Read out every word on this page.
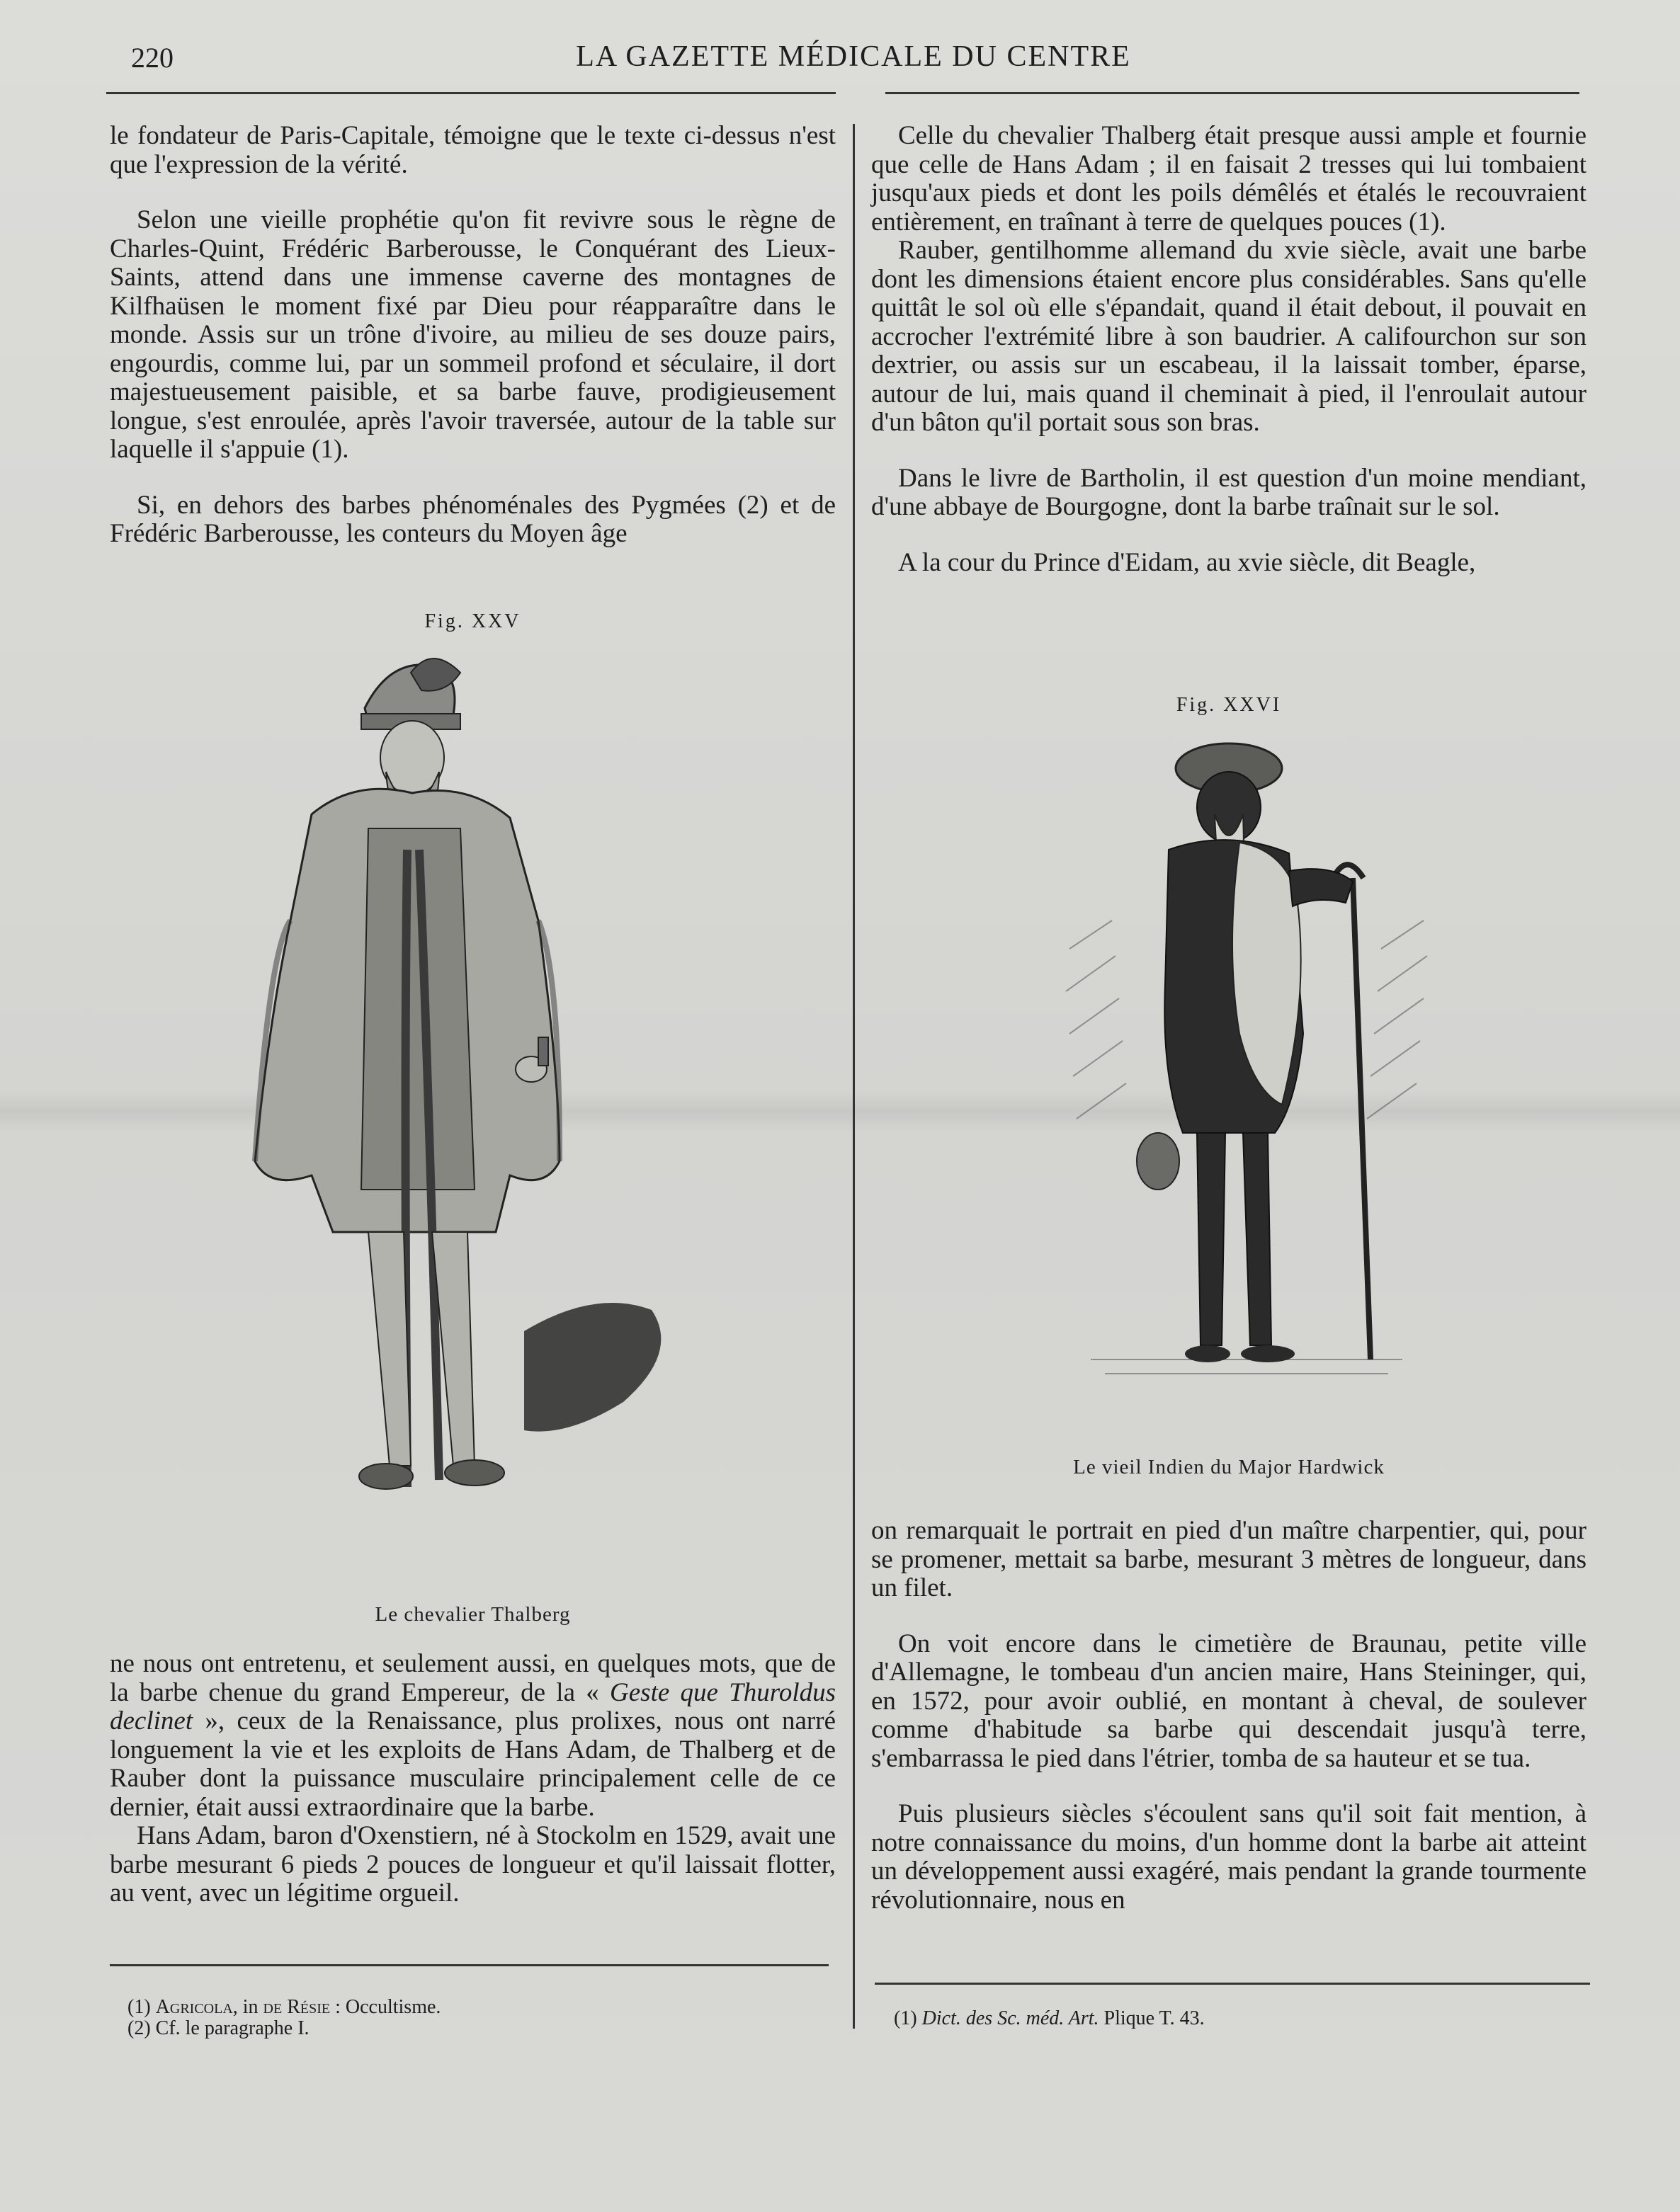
220	LA GAZETTE MÉDICALE DU CENTRE

le fondateur de Paris-Capitale, témoigne que le texte ci-dessus n'est que l'expression de la vérité.

Selon une vieille prophétie qu'on fit revivre sous le règne de Charles-Quint, Frédéric Barberousse, le Conquérant des Lieux-Saints, attend dans une immense caverne des montagnes de Kilfhaüsen le moment fixé par Dieu pour réapparaître dans le monde. Assis sur un trône d'ivoire, au milieu de ses douze pairs, engourdis, comme lui, par un sommeil profond et séculaire, il dort majestueusement paisible, et sa barbe fauve, prodigieusement longue, s'est enroulée, après l'avoir traversée, autour de la table sur laquelle il s'appuie (1).

Si, en dehors des barbes phénoménales des Pygmées (2) et de Frédéric Barberousse, les conteurs du Moyen âge

Fig. XXV
Le chevalier Thalberg

ne nous ont entretenu, et seulement aussi, en quelques mots, que de la barbe chenue du grand Empereur, de la « Geste que Thuroldus declinet », ceux de la Renaissance, plus prolixes, nous ont narré longuement la vie et les exploits de Hans Adam, de Thalberg et de Rauber dont la puissance musculaire principalement celle de ce dernier, était aussi extraordinaire que la barbe.

Hans Adam, baron d'Oxenstiern, né à Stockolm en 1529, avait une barbe mesurant 6 pieds 2 pouces de longueur et qu'il laissait flotter, au vent, avec un légitime orgueil.

(1) Agricola, in de Résie : Occultisme.
(2) Cf. le paragraphe I.

Celle du chevalier Thalberg était presque aussi ample et fournie que celle de Hans Adam ; il en faisait 2 tresses qui lui tombaient jusqu'aux pieds et dont les poils démêlés et étalés le recouvraient entièrement, en traînant à terre de quelques pouces (1).

Rauber, gentilhomme allemand du xvie siècle, avait une barbe dont les dimensions étaient encore plus considérables. Sans qu'elle quittât le sol où elle s'épandait, quand il était debout, il pouvait en accrocher l'extrémité libre à son baudrier. A califourchon sur son dextrier, ou assis sur un escabeau, il la laissait tomber, éparse, autour de lui, mais quand il cheminait à pied, il l'enroulait autour d'un bâton qu'il portait sous son bras.

Dans le livre de Bartholin, il est question d'un moine mendiant, d'une abbaye de Bourgogne, dont la barbe traînait sur le sol.

A la cour du Prince d'Eidam, au xvie siècle, dit Beagle,

Fig. XXVI
Le vieil Indien du Major Hardwick

on remarquait le portrait en pied d'un maître charpentier, qui, pour se promener, mettait sa barbe, mesurant 3 mètres de longueur, dans un filet.

On voit encore dans le cimetière de Braunau, petite ville d'Allemagne, le tombeau d'un ancien maire, Hans Steininger, qui, en 1572, pour avoir oublié, en montant à cheval, de soulever comme d'habitude sa barbe qui descendait jusqu'à terre, s'embarrassa le pied dans l'étrier, tomba de sa hauteur et se tua.

Puis plusieurs siècles s'écoulent sans qu'il soit fait mention, à notre connaissance du moins, d'un homme dont la barbe ait atteint un développement aussi exagéré, mais pendant la grande tourmente révolutionnaire, nous en

(1) Dict. des Sc. méd. Art. Plique T. 43.
